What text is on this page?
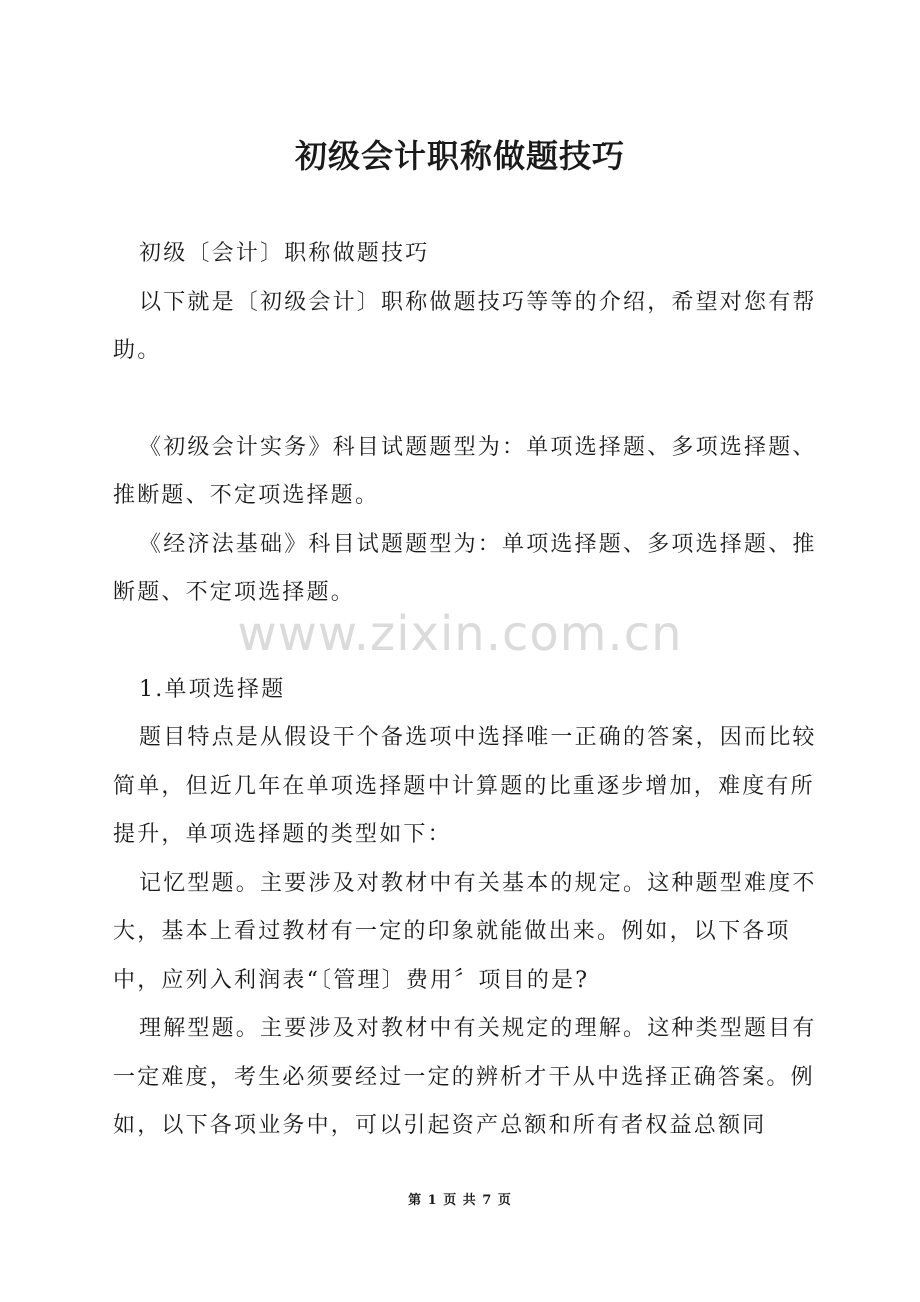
初级会计职称做题技巧

初级〔会计〕职称做题技巧

以下就是〔初级会计〕职称做题技巧等等的介绍，希望对您有帮助。

《初级会计实务》科目试题题型为：单项选择题、多项选择题、推断题、不定项选择题。

《经济法基础》科目试题题型为：单项选择题、多项选择题、推断题、不定项选择题。

1.单项选择题

题目特点是从假设干个备选项中选择唯一正确的答案，因而比较简单，但近几年在单项选择题中计算题的比重逐步增加，难度有所提升，单项选择题的类型如下：

记忆型题。主要涉及对教材中有关基本的规定。这种题型难度不大，基本上看过教材有一定的印象就能做出来。例如，以下各项中，应列入利润表“〔管理〕费用〞项目的是?

理解型题。主要涉及对教材中有关规定的理解。这种类型题目有一定难度，考生必须要经过一定的辨析才干从中选择正确答案。例如，以下各项业务中，可以引起资产总额和所有者权益总额同

www.zixin.com.cn
第 1 页 共 7 页
